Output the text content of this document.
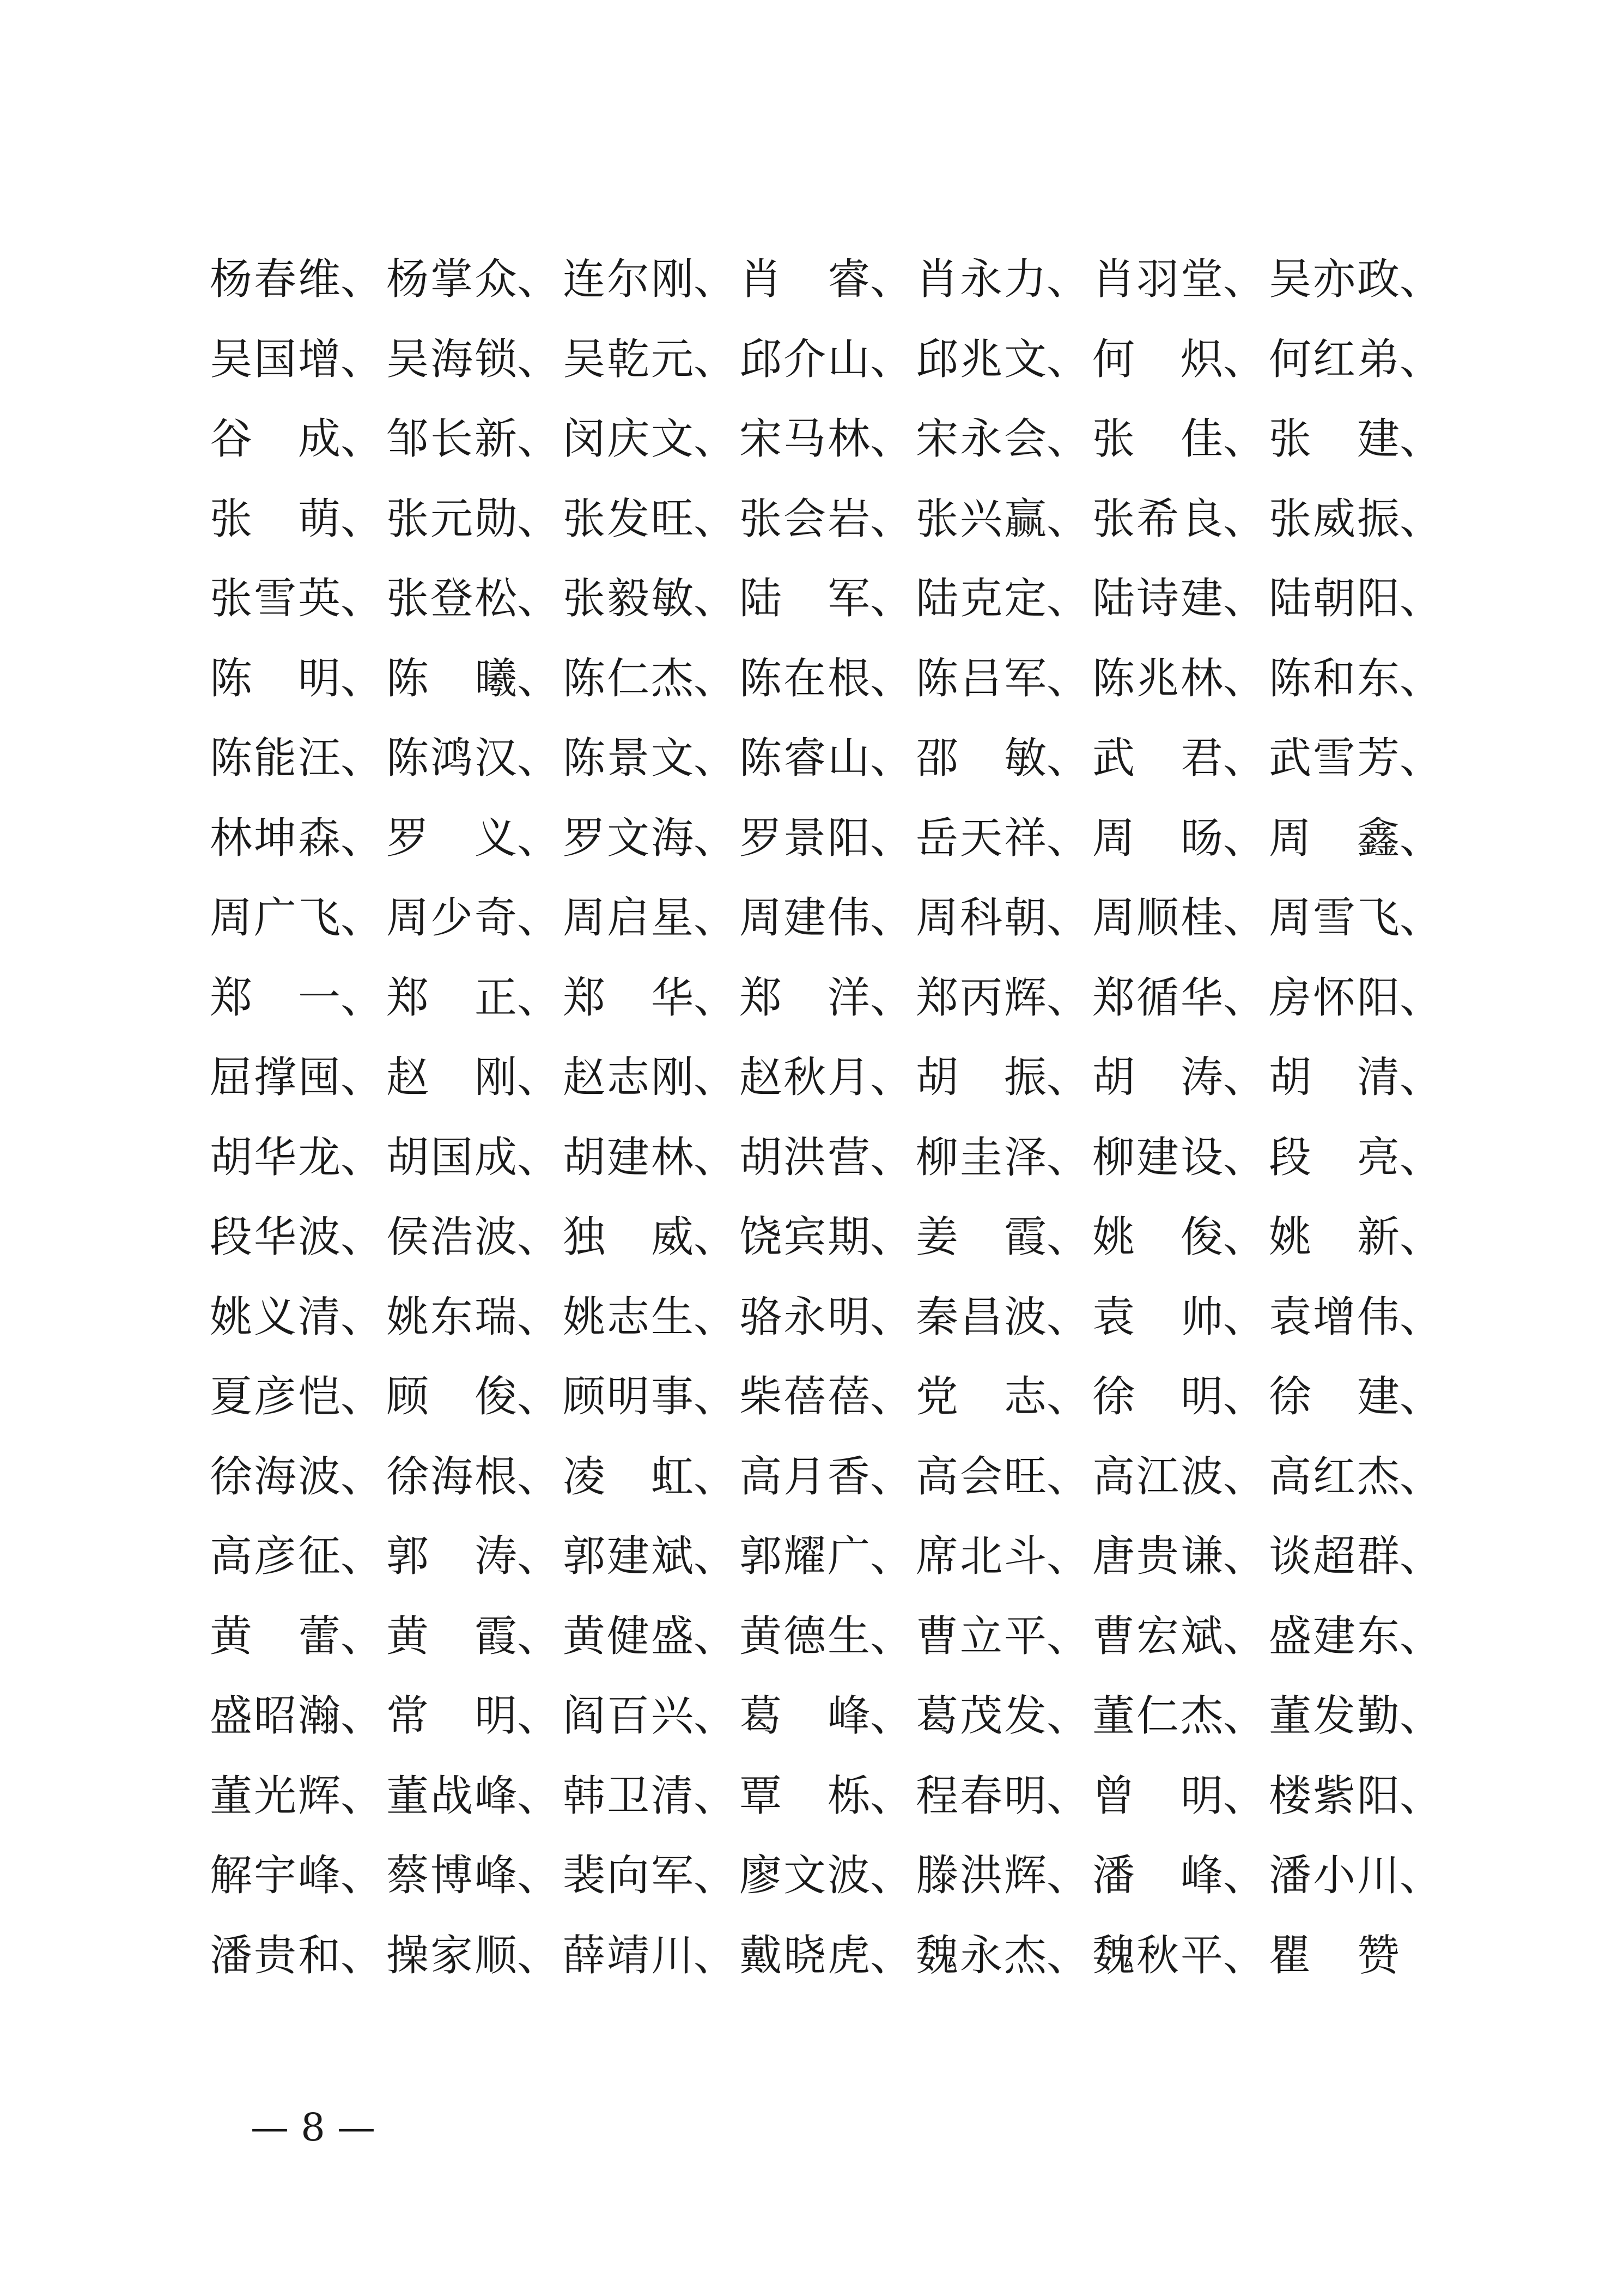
杨春维、 杨掌众、 连尔刚、 肖　睿、 肖永力、 肖羽堂、 吴亦政、
吴国增、 吴海锁、 吴乾元、 邱介山、 邱兆文、 何　炽、 何红弟、
谷　成、 邹长新、 闵庆文、 宋马林、 宋永会、 张　佳、 张　建、
张　萌、 张元勋、 张发旺、 张会岩、 张兴赢、 张希良、 张威振、
张雪英、 张登松、 张毅敏、 陆　军、 陆克定、 陆诗建、 陆朝阳、
陈　明、 陈　曦、 陈仁杰、 陈在根、 陈吕军、 陈兆林、 陈和东、
陈能汪、 陈鸿汉、 陈景文、 陈睿山、 邵　敏、 武　君、 武雪芳、
林坤森、 罗　义、 罗文海、 罗景阳、 岳天祥、 周　旸、 周　鑫、
周广飞、 周少奇、 周启星、 周建伟、 周科朝、 周顺桂、 周雪飞、
郑　一、 郑　正、 郑　华、 郑　洋、 郑丙辉、 郑循华、 房怀阳、
屈撑囤、 赵　刚、 赵志刚、 赵秋月、 胡　振、 胡　涛、 胡　清、
胡华龙、 胡国成、 胡建林、 胡洪营、 柳圭泽、 柳建设、 段　亮、
段华波、 侯浩波、 独　威、 饶宾期、 姜　霞、 姚　俊、 姚　新、
姚义清、 姚东瑞、 姚志生、 骆永明、 秦昌波、 袁　帅、 袁增伟、
夏彦恺、 顾　俊、 顾明事、 柴蓓蓓、 党　志、 徐　明、 徐　建、
徐海波、 徐海根、 凌　虹、 高月香、 高会旺、 高江波、 高红杰、
高彦征、 郭　涛、 郭建斌、 郭耀广、 席北斗、 唐贵谦、 谈超群、
黄　蕾、 黄　霞、 黄健盛、 黄德生、 曹立平、 曹宏斌、 盛建东、
盛昭瀚、 常　明、 阎百兴、 葛　峰、 葛茂发、 董仁杰、 董发勤、
董光辉、 董战峰、 韩卫清、 覃　栎、 程春明、 曾　明、 楼紫阳、
解宇峰、 蔡博峰、 裴向军、 廖文波、 滕洪辉、 潘　峰、 潘小川、
潘贵和、 操家顺、 薛靖川、 戴晓虎、 魏永杰、 魏秋平、 瞿　赞
— 8 —
